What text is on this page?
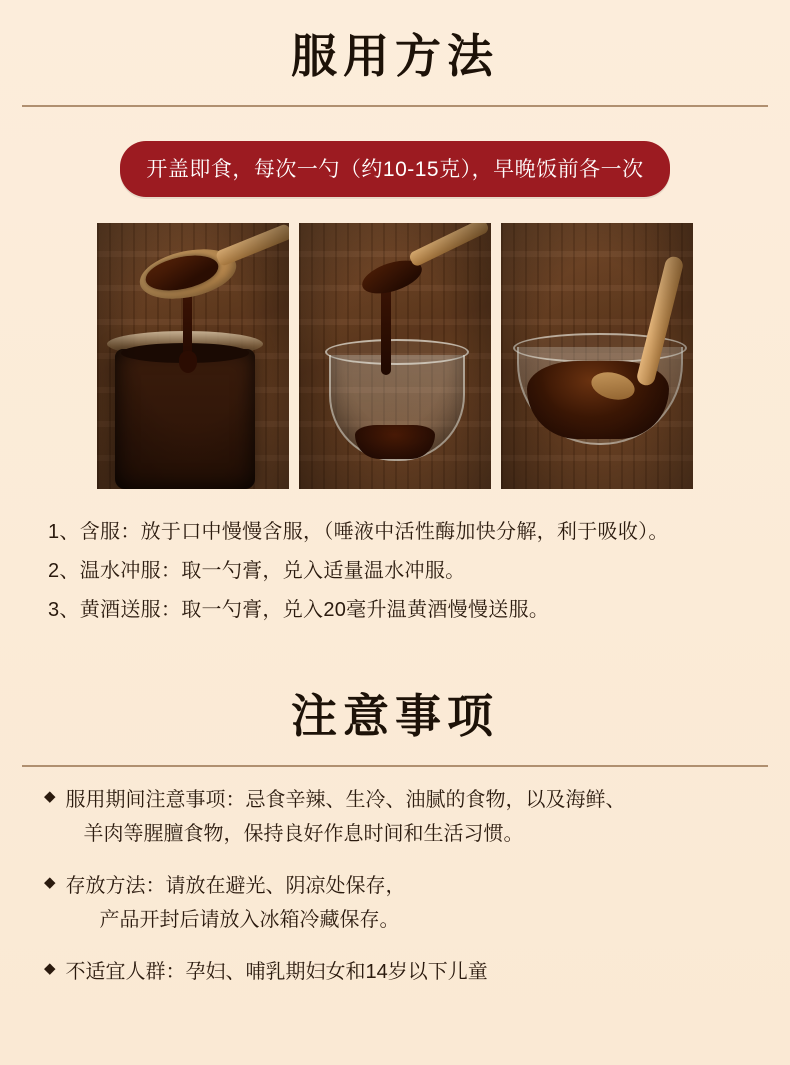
服用方法
开盖即食，每次一勺（约10-15克），早晚饭前各一次
1、含服：放于口中慢慢含服，（唾液中活性酶加快分解，利于吸收）。
2、温水冲服：取一勺膏，兑入适量温水冲服。
3、黄酒送服：取一勺膏，兑入20毫升温黄酒慢慢送服。
注意事项
◆ 服用期间注意事项：忌食辛辣、生冷、油腻的食物，以及海鲜、
羊肉等腥膻食物，保持良好作息时间和生活习惯。
◆ 存放方法：请放在避光、阴凉处保存，
产品开封后请放入冰箱冷藏保存。
◆ 不适宜人群：孕妇、哺乳期妇女和14岁以下儿童
